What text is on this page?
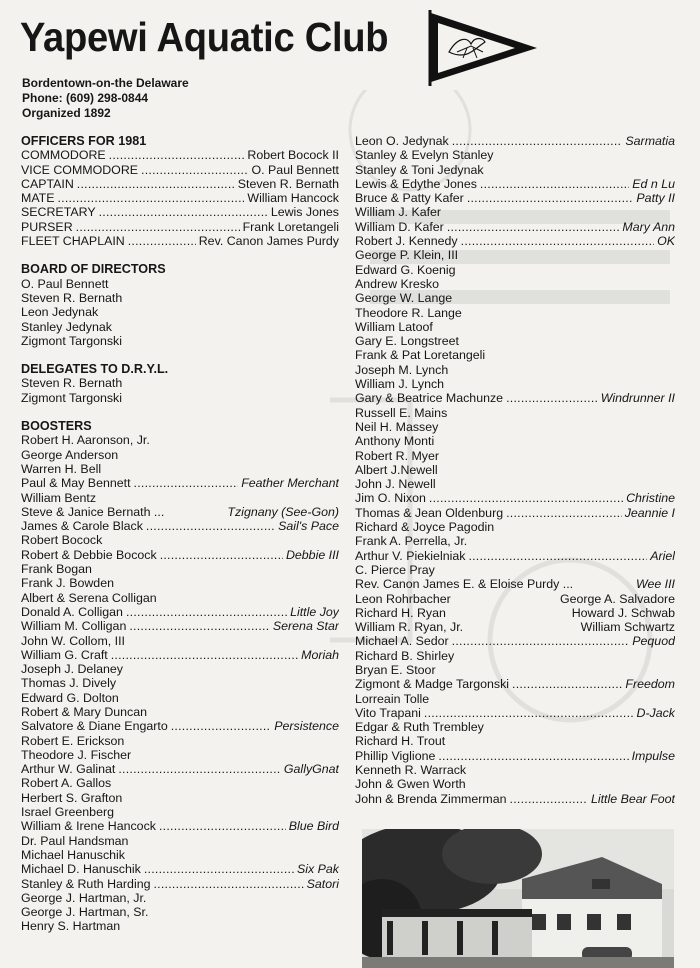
Yapewi Aquatic Club
Bordentown-on-the Delaware
Phone: (609) 298-0844
Organized 1892
OFFICERS FOR 1981
COMMODORE . . .	Robert Bocock II
VICE COMMODORE . . .	O. Paul Bennett
CAPTAIN . . .	Steven R. Bernath
MATE . . .	William Hancock
SECRETARY . . .	Lewis Jones
PURSER . . .	Frank Loretangeli
FLEET CHAPLAIN . . .	Rev. Canon James Purdy
BOARD OF DIRECTORS
O. Paul Bennett
Steven R. Bernath
Leon Jedynak
Stanley Jedynak
Zigmont Targonski
DELEGATES TO D.R.Y.L.
Steven R. Bernath
Zigmont Targonski
BOOSTERS
Robert H. Aaronson, Jr.
George Anderson
Warren H. Bell
Paul & May Bennett . . .	Feather Merchant
William Bentz
Steve & Janice Bernath ...	Tzignany (See-Gon)
James & Carole Black . . .	Sail's Pace
Robert Bocock
Robert & Debbie Bocock . . .	Debbie III
Frank Bogan
Frank J. Bowden
Albert & Serena Colligan
Donald A. Colligan . . .	Little Joy
William M. Colligan . . .	Serena Star
John W. Collom, III
William G. Craft . . .	Moriah
Joseph J. Delaney
Thomas J. Dively
Edward G. Dolton
Robert & Mary Duncan
Salvatore & Diane Engarto . . .	Persistence
Robert E. Erickson
Theodore J. Fischer
Arthur W. Galinat . . .	GallyGnat
Robert A. Gallos
Herbert S. Grafton
Israel Greenberg
William & Irene Hancock . . .	Blue Bird
Dr. Paul Handsman
Michael Hanuschik
Michael D. Hanuschik . . .	Six Pak
Stanley & Ruth Harding . . .	Satori
George J. Hartman, Jr.
George J. Hartman, Sr.
Henry S. Hartman
Leon O. Jedynak . . .	Sarmatia
Stanley & Evelyn Stanley
Stanley & Toni Jedynak
Lewis & Edythe Jones . . .	Ed n Lu
Bruce & Patty Kafer . . .	Patty II
William J. Kafer
William D. Kafer . . .	Mary Ann
Robert J. Kennedy . . .	OK
George P. Klein, III
Edward G. Koenig
Andrew Kresko
George W. Lange
Theodore R. Lange
William Latoof
Gary E. Longstreet
Frank & Pat Loretangeli
Joseph M. Lynch
William J. Lynch
Gary & Beatrice Machunze . . .	Windrunner II
Russell E. Mains
Neil H. Massey
Anthony Monti
Robert R. Myer
Albert J.Newell
John J. Newell
Jim O. Nixon . . .	Christine
Thomas & Jean Oldenburg . . .	Jeannie I
Richard & Joyce Pagodin
Frank A. Perrella, Jr.
Arthur V. Piekielniak . . .	Ariel
C. Pierce Pray
Rev. Canon James E. & Eloise Purdy ...	Wee III
Leon Rohrbacher	George A. Salvadore
Richard H. Ryan	Howard J. Schwab
William R. Ryan, Jr.	William Schwartz
Michael A. Sedor . . .	Pequod
Richard B. Shirley
Bryan E. Stoor
Zigmont & Madge Targonski . . .	Freedom
Lorreain Tolle
Vito Trapani . . .	D-Jack
Edgar & Ruth Trembley
Richard H. Trout
Phillip Viglione . . .	Impulse
Kenneth R. Warrack
John & Gwen Worth
John & Brenda Zimmerman . . .	Little Bear Foot
